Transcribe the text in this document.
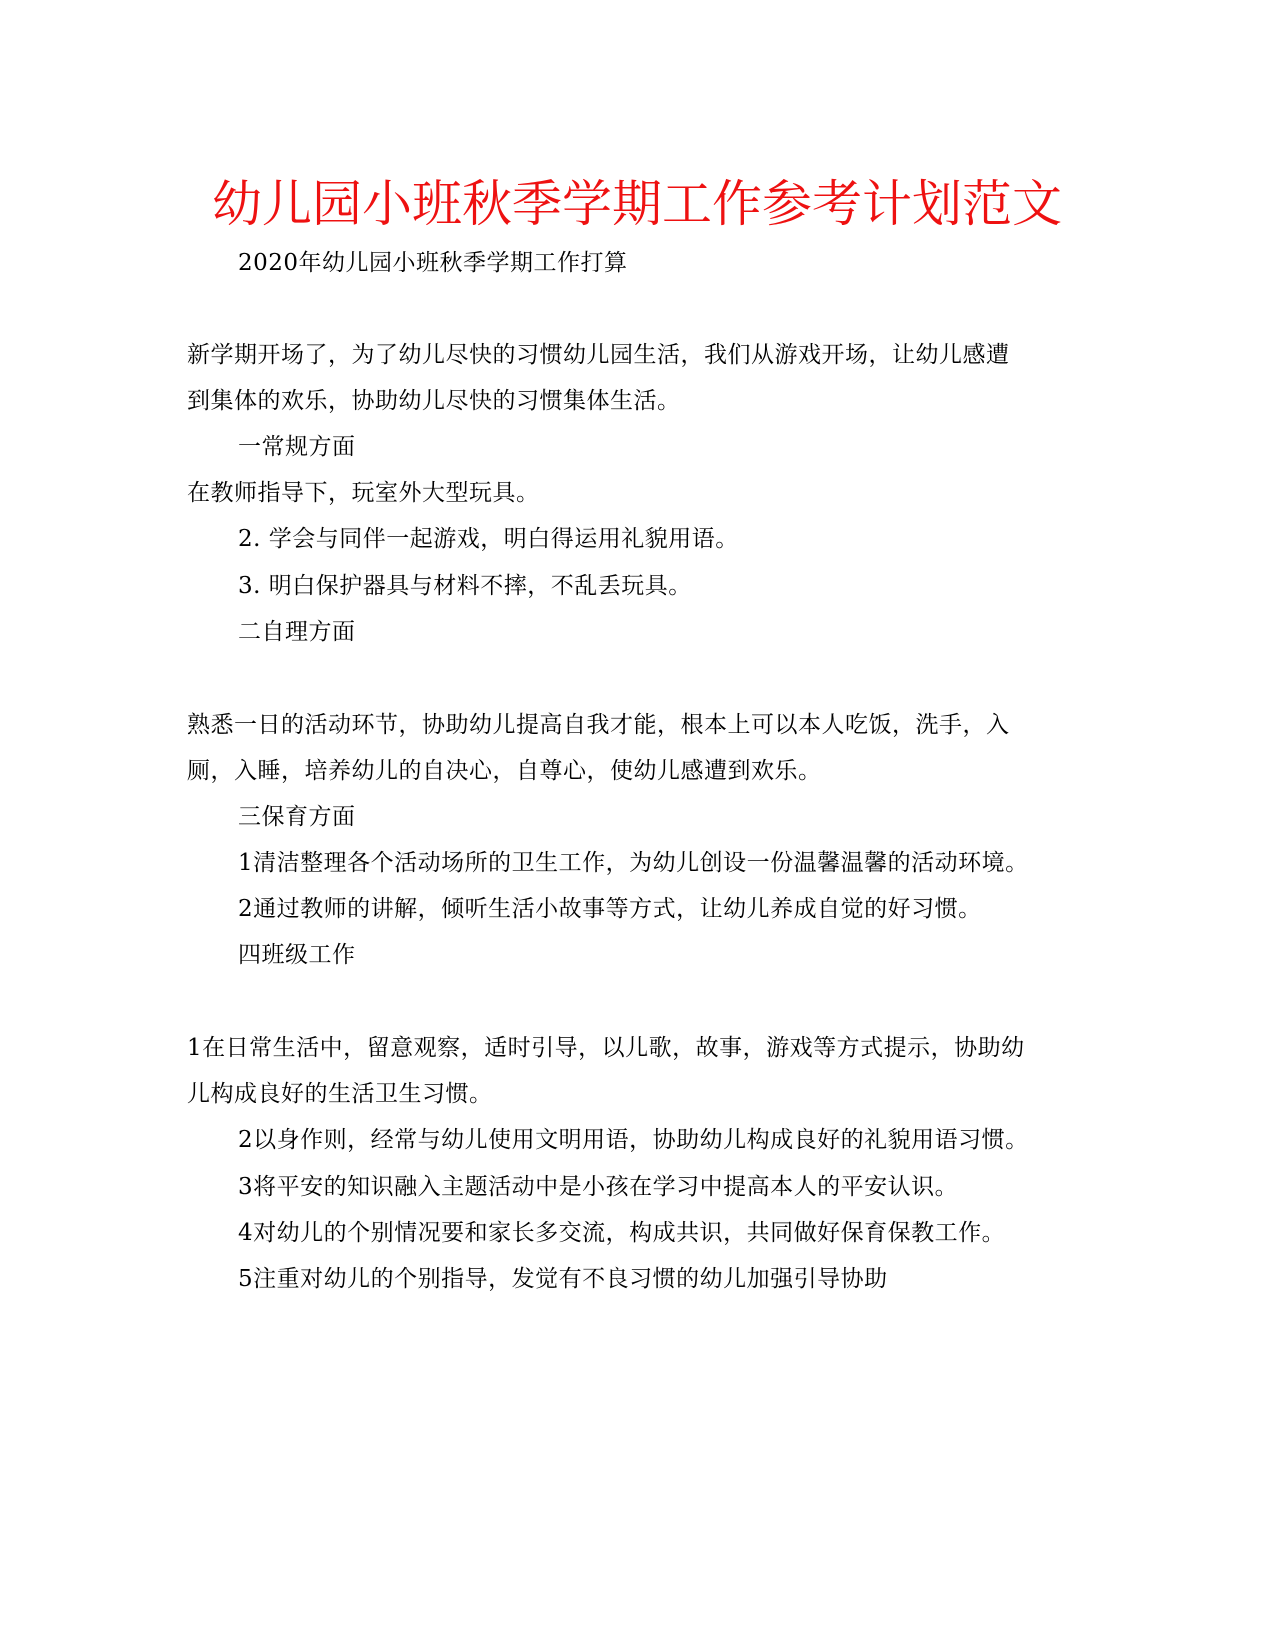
幼儿园小班秋季学期工作参考计划范文
2020年幼儿园小班秋季学期工作打算
新学期开场了，为了幼儿尽快的习惯幼儿园生活，我们从游戏开场，让幼儿感遭
到集体的欢乐，协助幼儿尽快的习惯集体生活。
一常规方面
在教师指导下，玩室外大型玩具。
2. 学会与同伴一起游戏，明白得运用礼貌用语。
3. 明白保护器具与材料不摔，不乱丢玩具。
二自理方面
熟悉一日的活动环节，协助幼儿提高自我才能，根本上可以本人吃饭，洗手，入
厕，入睡，培养幼儿的自决心，自尊心，使幼儿感遭到欢乐。
三保育方面
1清洁整理各个活动场所的卫生工作，为幼儿创设一份温馨温馨的活动环境。
2通过教师的讲解，倾听生活小故事等方式，让幼儿养成自觉的好习惯。
四班级工作
1在日常生活中，留意观察，适时引导，以儿歌，故事，游戏等方式提示，协助幼
儿构成良好的生活卫生习惯。
2以身作则，经常与幼儿使用文明用语，协助幼儿构成良好的礼貌用语习惯。
3将平安的知识融入主题活动中是小孩在学习中提高本人的平安认识。
4对幼儿的个别情况要和家长多交流，构成共识，共同做好保育保教工作。
5注重对幼儿的个别指导，发觉有不良习惯的幼儿加强引导协助
